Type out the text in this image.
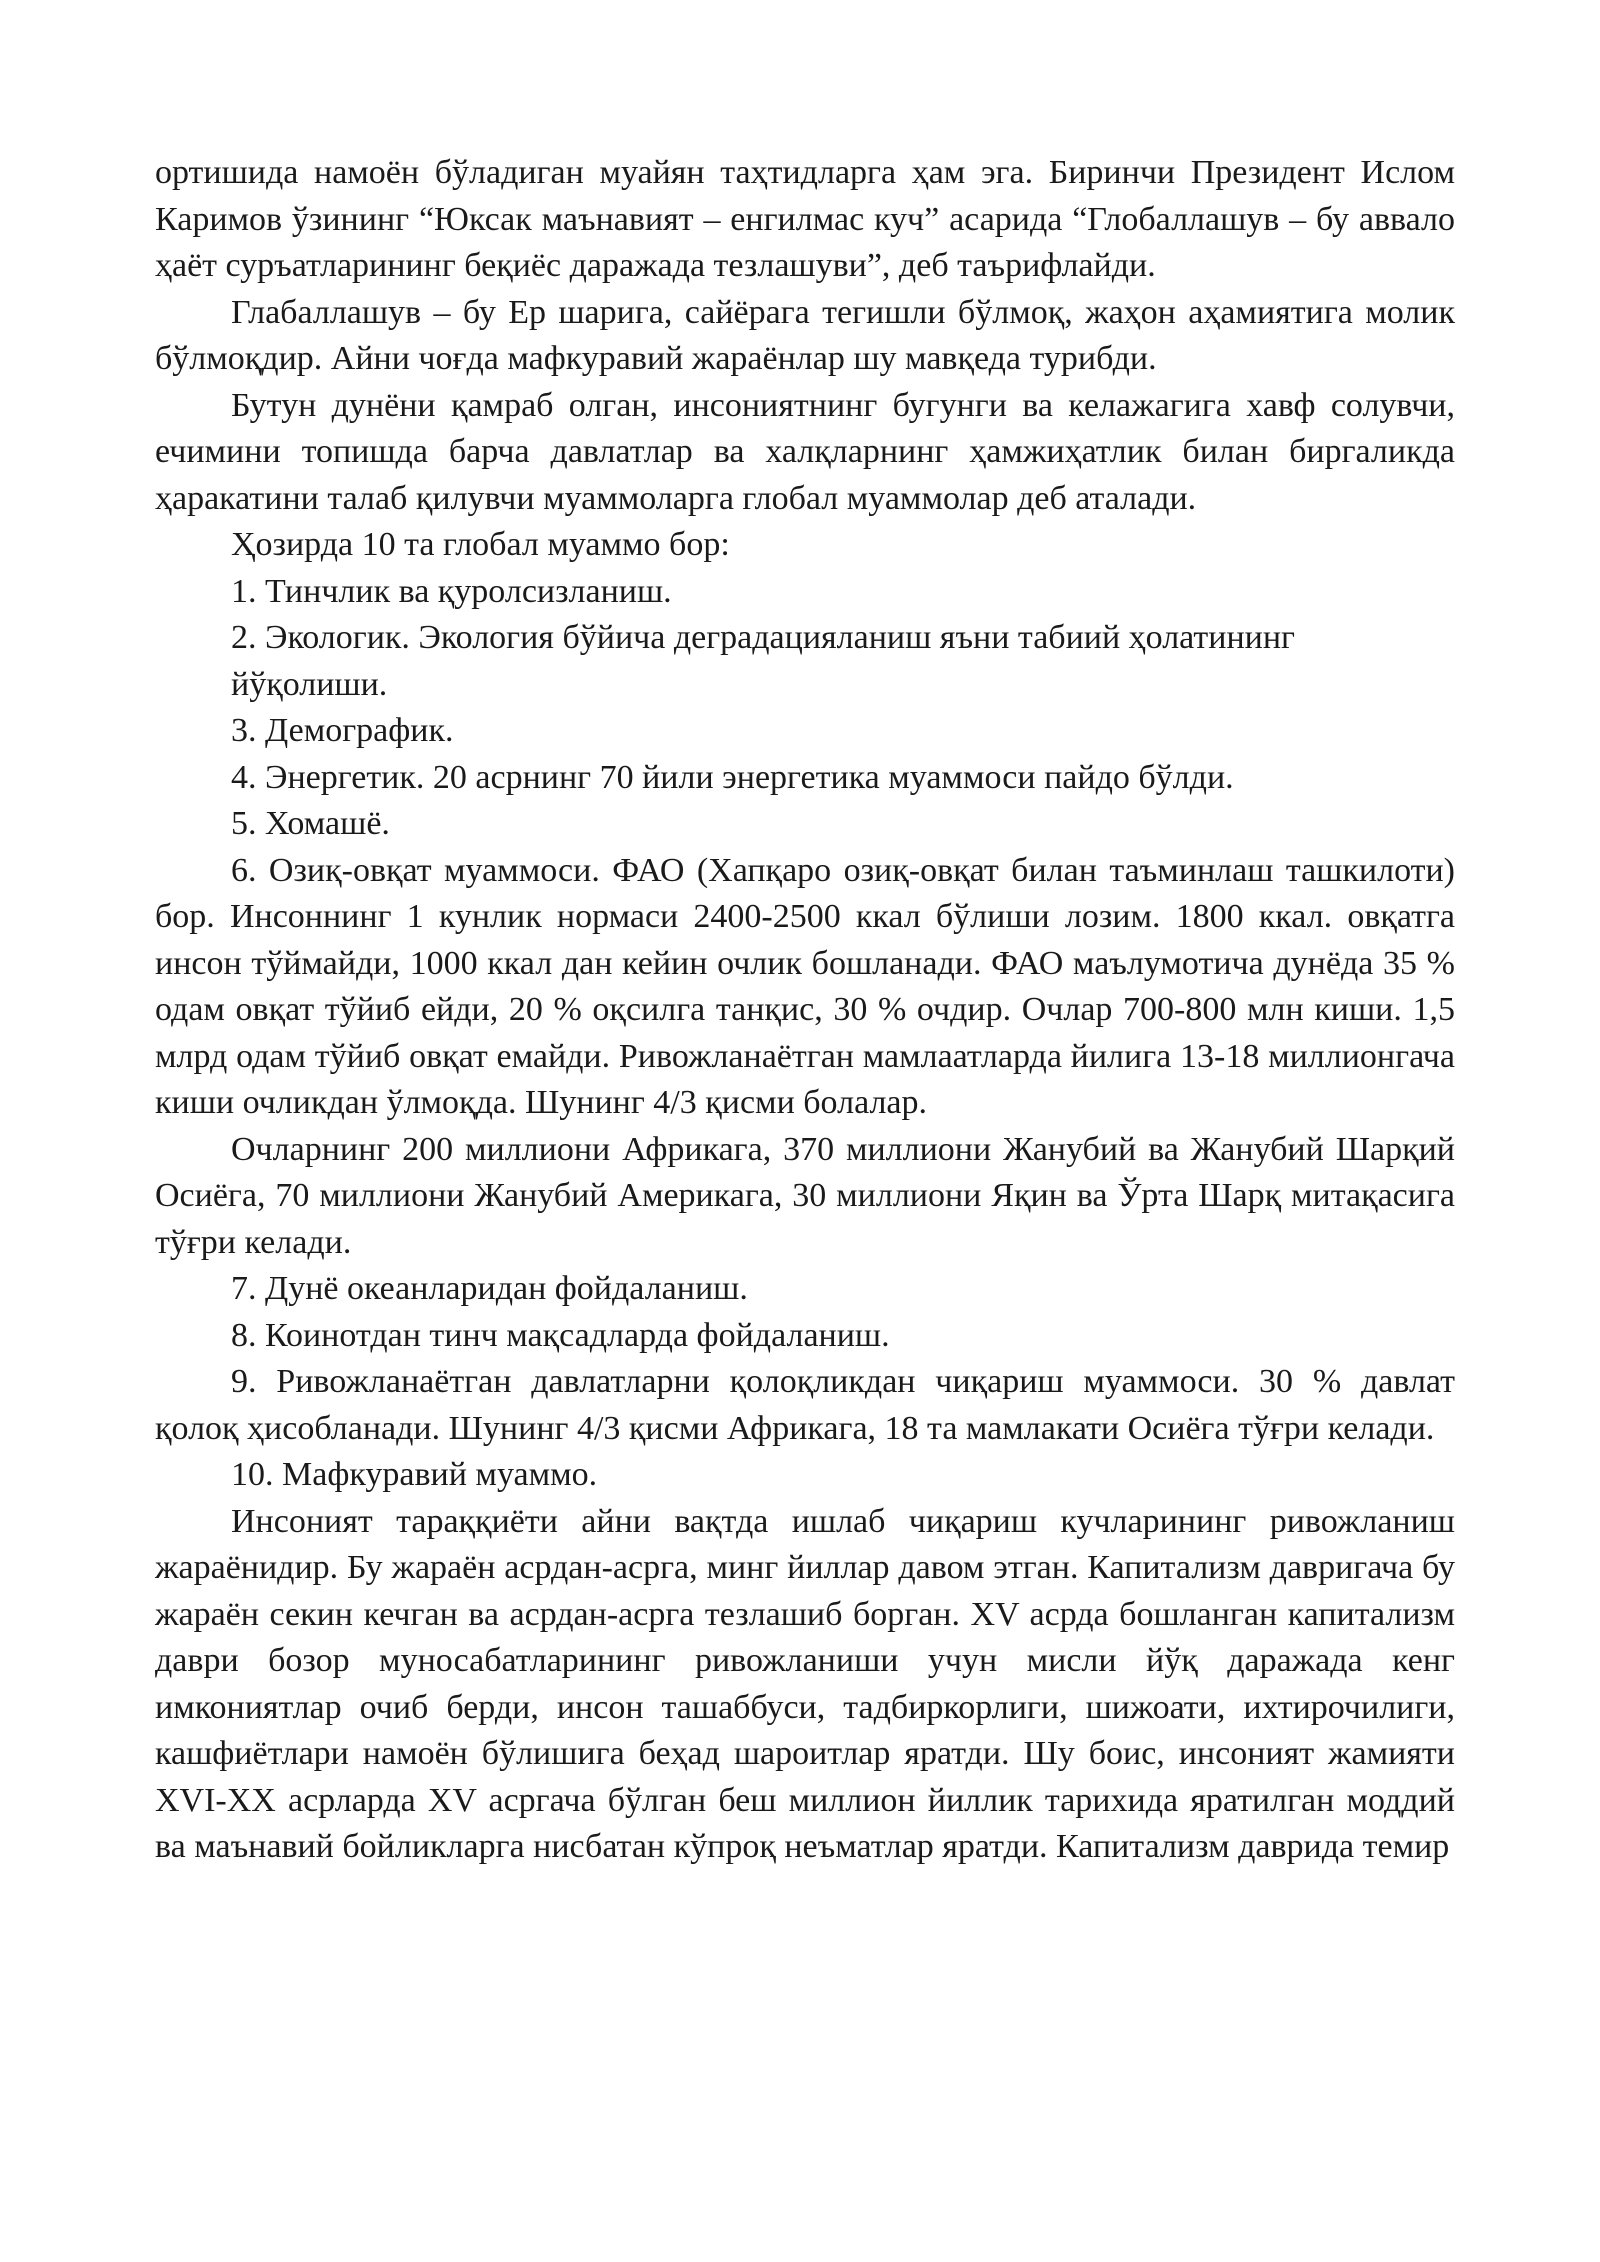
ортишида намоён бўладиган муайян таҳтидларга ҳам эга. Биринчи Президент Ислом Каримов ўзининг “Юксак маънавият – енгилмас куч” асарида “Глобаллашув – бу аввало ҳаёт суръатларининг беқиёс даражада тезлашуви”, деб таърифлайди.

Глабаллашув – бу Ер шарига, сайёрага тегишли бўлмоқ, жаҳон аҳамиятига молик бўлмоқдир. Айни чоғда мафкуравий жараёнлар шу мавқеда турибди.

Бутун дунёни қамраб олган, инсониятнинг бугунги ва келажагига хавф солувчи, ечимини топишда барча давлатлар ва халқларнинг ҳамжиҳатлик билан биргаликда ҳаракатини талаб қилувчи муаммоларга глобал муаммолар деб аталади.

Ҳозирда 10 та глобал муаммо бор:

1. Тинчлик ва қуролсизланиш.

2. Экологик. Экология бўйича деградацияланиш яъни табиий ҳолатининг йўқолиши.

3. Демографик.

4. Энергетик. 20 асрнинг 70 йили энергетика муаммоси пайдо бўлди.

5. Хомашё.

6. Озиқ-овқат муаммоси. ФАО (Хапқаро озиқ-овқат билан таъминлаш ташкилоти) бор. Инсоннинг 1 кунлик нормаси 2400-2500 ккал бўлиши лозим. 1800 ккал. овқатга инсон тўймайди, 1000 ккал дан кейин очлик бошланади. ФАО маълумотича дунёда 35 % одам овқат тўйиб ейди, 20 % оқсилга танқис, 30 % очдир. Очлар 700-800 млн киши. 1,5 млрд одам тўйиб овқат емайди. Ривожланаётган мамлаатларда йилига 13-18 миллионгача киши очликдан ўлмоқда. Шунинг 4/3 қисми болалар.

Очларнинг 200 миллиони Африкага, 370 миллиони Жанубий ва Жанубий Шарқий Осиёга, 70 миллиони Жанубий Америкага, 30 миллиони Яқин ва Ўрта Шарқ митақасига тўғри келади.

7. Дунё океанларидан фойдаланиш.

8. Коинотдан тинч мақсадларда фойдаланиш.

9. Ривожланаётган давлатларни қолоқликдан чиқариш муаммоси. 30 % давлат қолоқ ҳисобланади. Шунинг 4/3 қисми Африкага, 18 та мамлакати Осиёга тўғри келади.

10. Мафкуравий муаммо.

Инсоният тараққиёти айни вақтда ишлаб чиқариш кучларининг ривожланиш жараёнидир. Бу жараён асрдан-асрга, минг йиллар давом этган. Капитализм давригача бу жараён секин кечган ва асрдан-асрга тезлашиб борган. XV асрда бошланган капитализм даври бозор муносабатларининг ривожланиши учун мисли йўқ даражада кенг имкониятлар очиб берди, инсон ташаббуси, тадбиркорлиги, шижоати, ихтирочилиги, кашфиётлари намоён бўлишига беҳад шароитлар яратди. Шу боис, инсоният жамияти XVI-XX асрларда XV асргача бўлган беш миллион йиллик тарихида яратилган моддий ва маънавий бойликларга нисбатан кўпроқ неъматлар яратди. Капитализм даврида темир
